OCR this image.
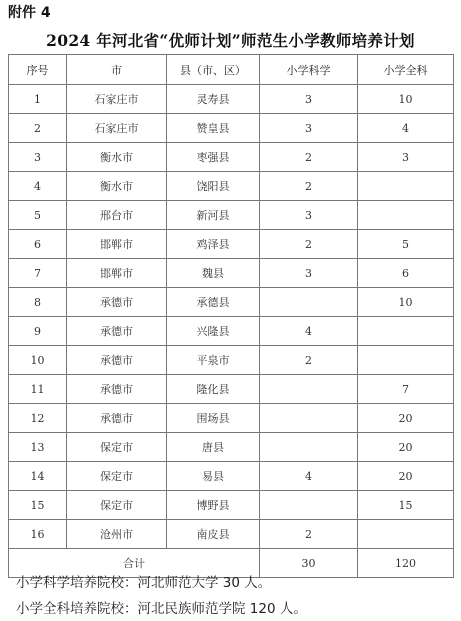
附件 4
2024 年河北省“优师计划”师范生小学教师培养计划
序号	市	县（市、区）	小学科学	小学全科
1	石家庄市	灵寿县	3	10
2	石家庄市	赞皇县	3	4
3	衡水市	枣强县	2	3
4	衡水市	饶阳县	2	
5	邢台市	新河县	3	
6	邯郸市	鸡泽县	2	5
7	邯郸市	魏县	3	6
8	承德市	承德县		10
9	承德市	兴隆县	4	
10	承德市	平泉市	2	
11	承德市	隆化县		7
12	承德市	围场县		20
13	保定市	唐县		20
14	保定市	易县	4	20
15	保定市	博野县		15
16	沧州市	南皮县	2	
合计			30	120
小学科学培养院校：河北师范大学 30 人。
小学全科培养院校：河北民族师范学院 120 人。
